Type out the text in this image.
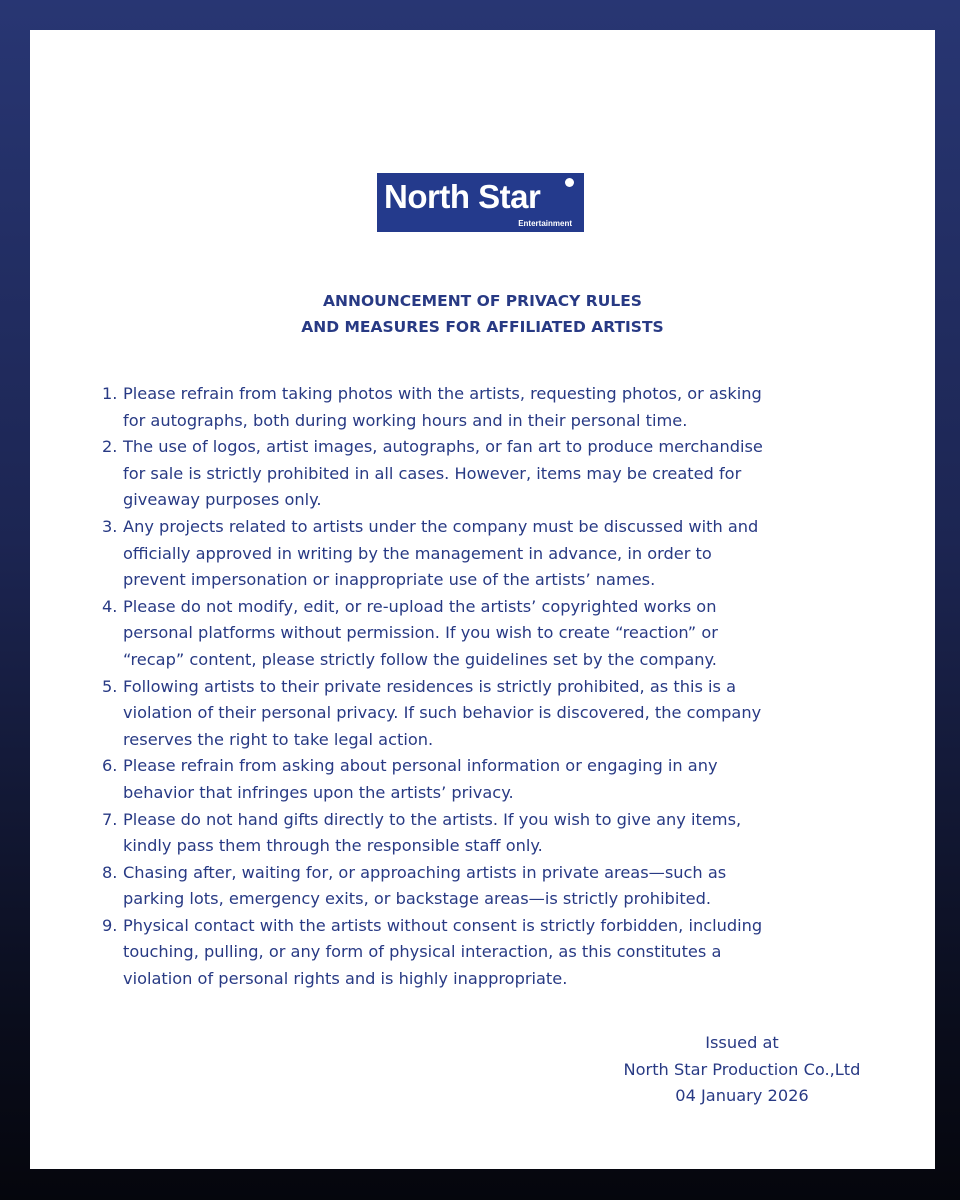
North Star
Entertainment
ANNOUNCEMENT OF PRIVACY RULES
AND MEASURES FOR AFFILIATED ARTISTS
1. Please refrain from taking photos with the artists, requesting photos, or asking
for autographs, both during working hours and in their personal time.
2. The use of logos, artist images, autographs, or fan art to produce merchandise
for sale is strictly prohibited in all cases. However, items may be created for
giveaway purposes only.
3. Any projects related to artists under the company must be discussed with and
officially approved in writing by the management in advance, in order to
prevent impersonation or inappropriate use of the artists’ names.
4. Please do not modify, edit, or re-upload the artists’ copyrighted works on
personal platforms without permission. If you wish to create “reaction” or
“recap” content, please strictly follow the guidelines set by the company.
5. Following artists to their private residences is strictly prohibited, as this is a
violation of their personal privacy. If such behavior is discovered, the company
reserves the right to take legal action.
6. Please refrain from asking about personal information or engaging in any
behavior that infringes upon the artists’ privacy.
7. Please do not hand gifts directly to the artists. If you wish to give any items,
kindly pass them through the responsible staff only.
8. Chasing after, waiting for, or approaching artists in private areas—such as
parking lots, emergency exits, or backstage areas—is strictly prohibited.
9. Physical contact with the artists without consent is strictly forbidden, including
touching, pulling, or any form of physical interaction, as this constitutes a
violation of personal rights and is highly inappropriate.
Issued at
North Star Production Co.,Ltd
04 January 2026
